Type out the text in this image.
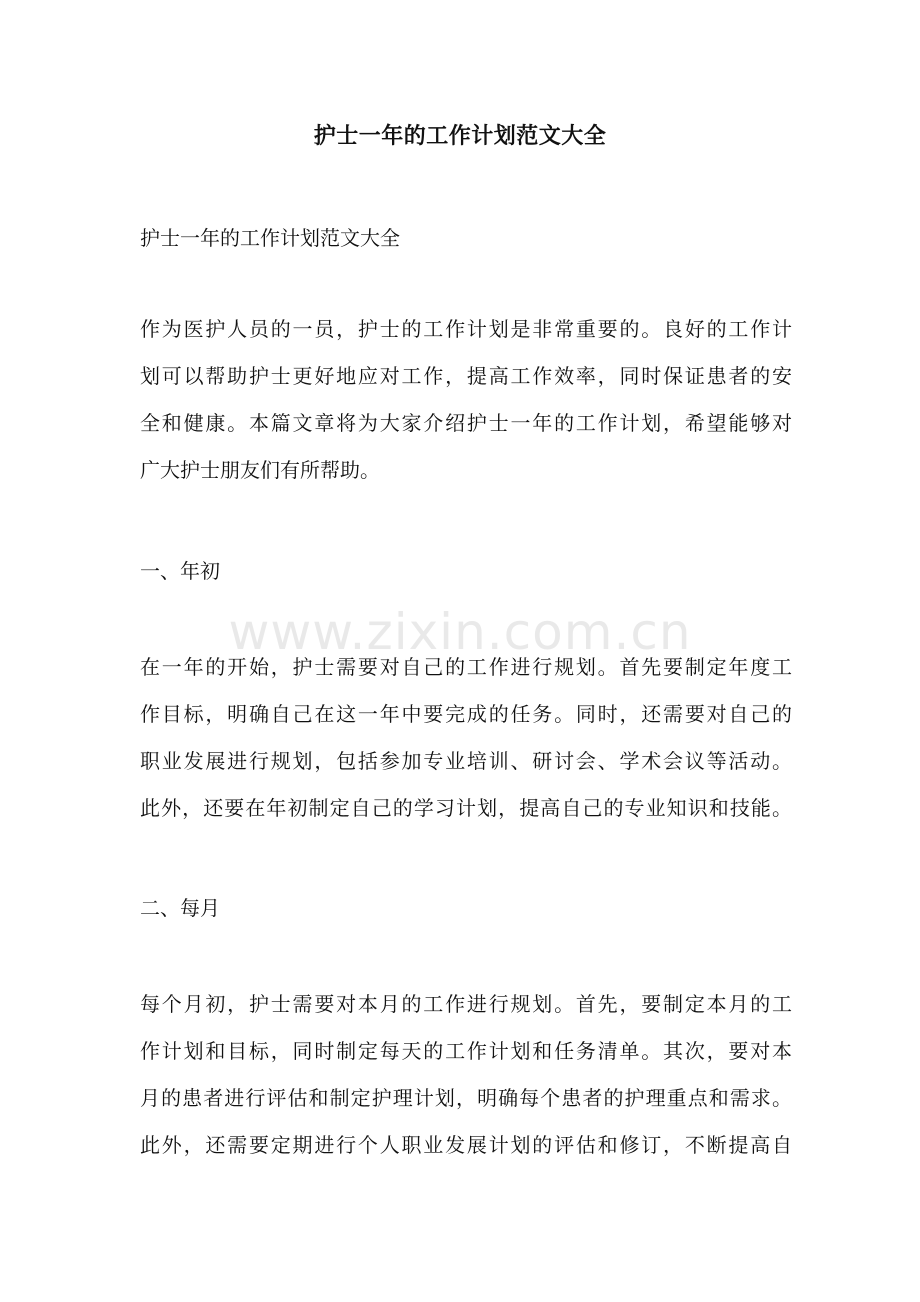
护士一年的工作计划范文大全
护士一年的工作计划范文大全
作为医护人员的一员，护士的工作计划是非常重要的。良好的工作计
划可以帮助护士更好地应对工作，提高工作效率，同时保证患者的安
全和健康。本篇文章将为大家介绍护士一年的工作计划，希望能够对
广大护士朋友们有所帮助。
一、年初
在一年的开始，护士需要对自己的工作进行规划。首先要制定年度工
作目标，明确自己在这一年中要完成的任务。同时，还需要对自己的
职业发展进行规划，包括参加专业培训、研讨会、学术会议等活动。
此外，还要在年初制定自己的学习计划，提高自己的专业知识和技能。
二、每月
每个月初，护士需要对本月的工作进行规划。首先，要制定本月的工
作计划和目标，同时制定每天的工作计划和任务清单。其次，要对本
月的患者进行评估和制定护理计划，明确每个患者的护理重点和需求。
此外，还需要定期进行个人职业发展计划的评估和修订，不断提高自
www.zixin.com.cn
